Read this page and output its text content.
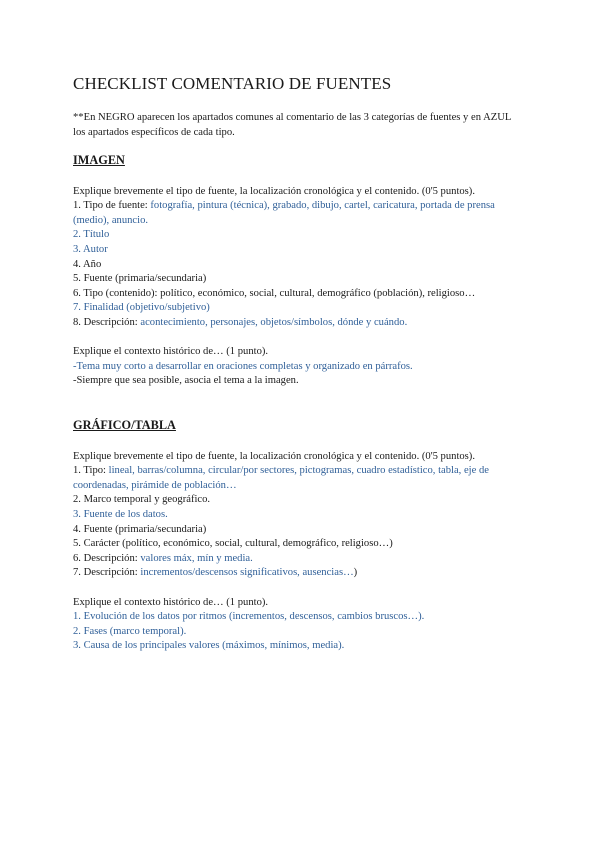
CHECKLIST COMENTARIO DE FUENTES
**En NEGRO aparecen los apartados comunes al comentario de las 3 categorías de fuentes y en AZUL los apartados específicos de cada tipo.
IMAGEN

Explique brevemente el tipo de fuente, la localización cronológica y el contenido. (0'5 puntos).

1. Tipo de fuente: fotografía, pintura (técnica), grabado, dibujo, cartel, caricatura, portada de prensa (medio), anuncio.

2. Título

3. Autor

4. Año

5. Fuente (primaria/secundaria)

6. Tipo (contenido): político, económico, social, cultural, demográfico (población), religioso…

7. Finalidad (objetivo/subjetivo)

8. Descripción: acontecimiento, personajes, objetos/símbolos, dónde y cuándo.

Explique el contexto histórico de… (1 punto).

-Tema muy corto a desarrollar en oraciones completas y organizado en párrafos.

-Siempre que sea posible, asocia el tema a la imagen.

GRÁFICO/TABLA

Explique brevemente el tipo de fuente, la localización cronológica y el contenido. (0'5 puntos).

1. Tipo: lineal, barras/columna, circular/por sectores, pictogramas, cuadro estadístico, tabla, eje de coordenadas, pirámide de población…

2. Marco temporal y geográfico.

3. Fuente de los datos.

4. Fuente (primaria/secundaria)

5. Carácter (político, económico, social, cultural, demográfico, religioso…)

6. Descripción: valores máx, mín y media.

7. Descripción: incrementos/descensos significativos, ausencias…)

Explique el contexto histórico de… (1 punto).

1. Evolución de los datos por ritmos (incrementos, descensos, cambios bruscos…).

2. Fases (marco temporal).

3. Causa de los principales valores (máximos, mínimos, media).
